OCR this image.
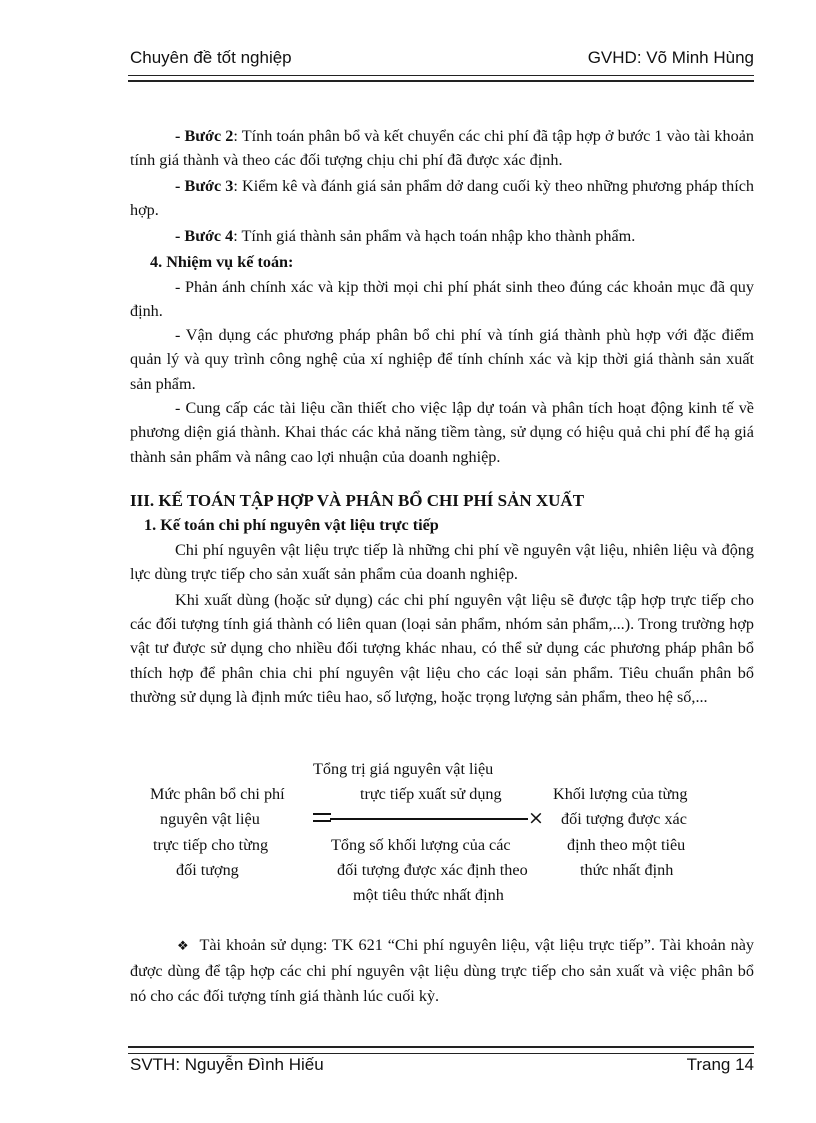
Chuyên đề tốt nghiệp	GVHD: Võ Minh Hùng

- Bước 2: Tính toán phân bổ và kết chuyển các chi phí đã tập hợp ở bước 1 vào tài khoản tính giá thành và theo các đối tượng chịu chi phí đã được xác định.

- Bước 3: Kiểm kê và đánh giá sản phẩm dở dang cuối kỳ theo những phương pháp thích hợp.

- Bước 4: Tính giá thành sản phẩm và hạch toán nhập kho thành phẩm.

4. Nhiệm vụ kế toán:

- Phản ánh chính xác và kịp thời mọi chi phí phát sinh theo đúng các khoản mục đã quy định.

- Vận dụng các phương pháp phân bổ chi phí và tính giá thành phù hợp với đặc điểm quản lý và quy trình công nghệ của xí nghiệp để tính chính xác và kịp thời giá thành sản xuất sản phẩm.

- Cung cấp các tài liệu cần thiết cho việc lập dự toán và phân tích hoạt động kinh tế về phương diện giá thành. Khai thác các khả năng tiềm tàng, sử dụng có hiệu quả chi phí để hạ giá thành sản phẩm và nâng cao lợi nhuận của doanh nghiệp.

III. KẾ TOÁN TẬP HỢP VÀ PHÂN BỔ CHI PHÍ SẢN XUẤT

1. Kế toán chi phí nguyên vật liệu trực tiếp

Chi phí nguyên vật liệu trực tiếp là những chi phí về nguyên vật liệu, nhiên liệu và động lực dùng trực tiếp cho sản xuất sản phẩm của doanh nghiệp.

Khi xuất dùng (hoặc sử dụng) các chi phí nguyên vật liệu sẽ được tập hợp trực tiếp cho các đối tượng tính giá thành có liên quan (loại sản phẩm, nhóm sản phẩm,...). Trong trường hợp vật tư được sử dụng cho nhiều đối tượng khác nhau, có thể sử dụng các phương pháp phân bổ thích hợp để phân chia chi phí nguyên vật liệu cho các loại sản phẩm. Tiêu chuẩn phân bổ thường sử dụng là định mức tiêu hao, số lượng, hoặc trọng lượng sản phẩm, theo hệ số,...

Tổng trị giá nguyên vật liệu
trực tiếp xuất sử dụng
Mức phân bổ chi phí
nguyên vật liệu
trực tiếp cho từng
đối tượng
×
Tổng số khối lượng của các
đối tượng được xác định theo
một tiêu thức nhất định
Khối lượng của từng
đối tượng được xác
định theo một tiêu
thức nhất định

❖ Tài khoản sử dụng: TK 621 “Chi phí nguyên liệu, vật liệu trực tiếp”. Tài khoản này được dùng để tập hợp các chi phí nguyên vật liệu dùng trực tiếp cho sản xuất và việc phân bổ nó cho các đối tượng tính giá thành lúc cuối kỳ.

SVTH: Nguyễn Đình Hiếu	Trang 14
